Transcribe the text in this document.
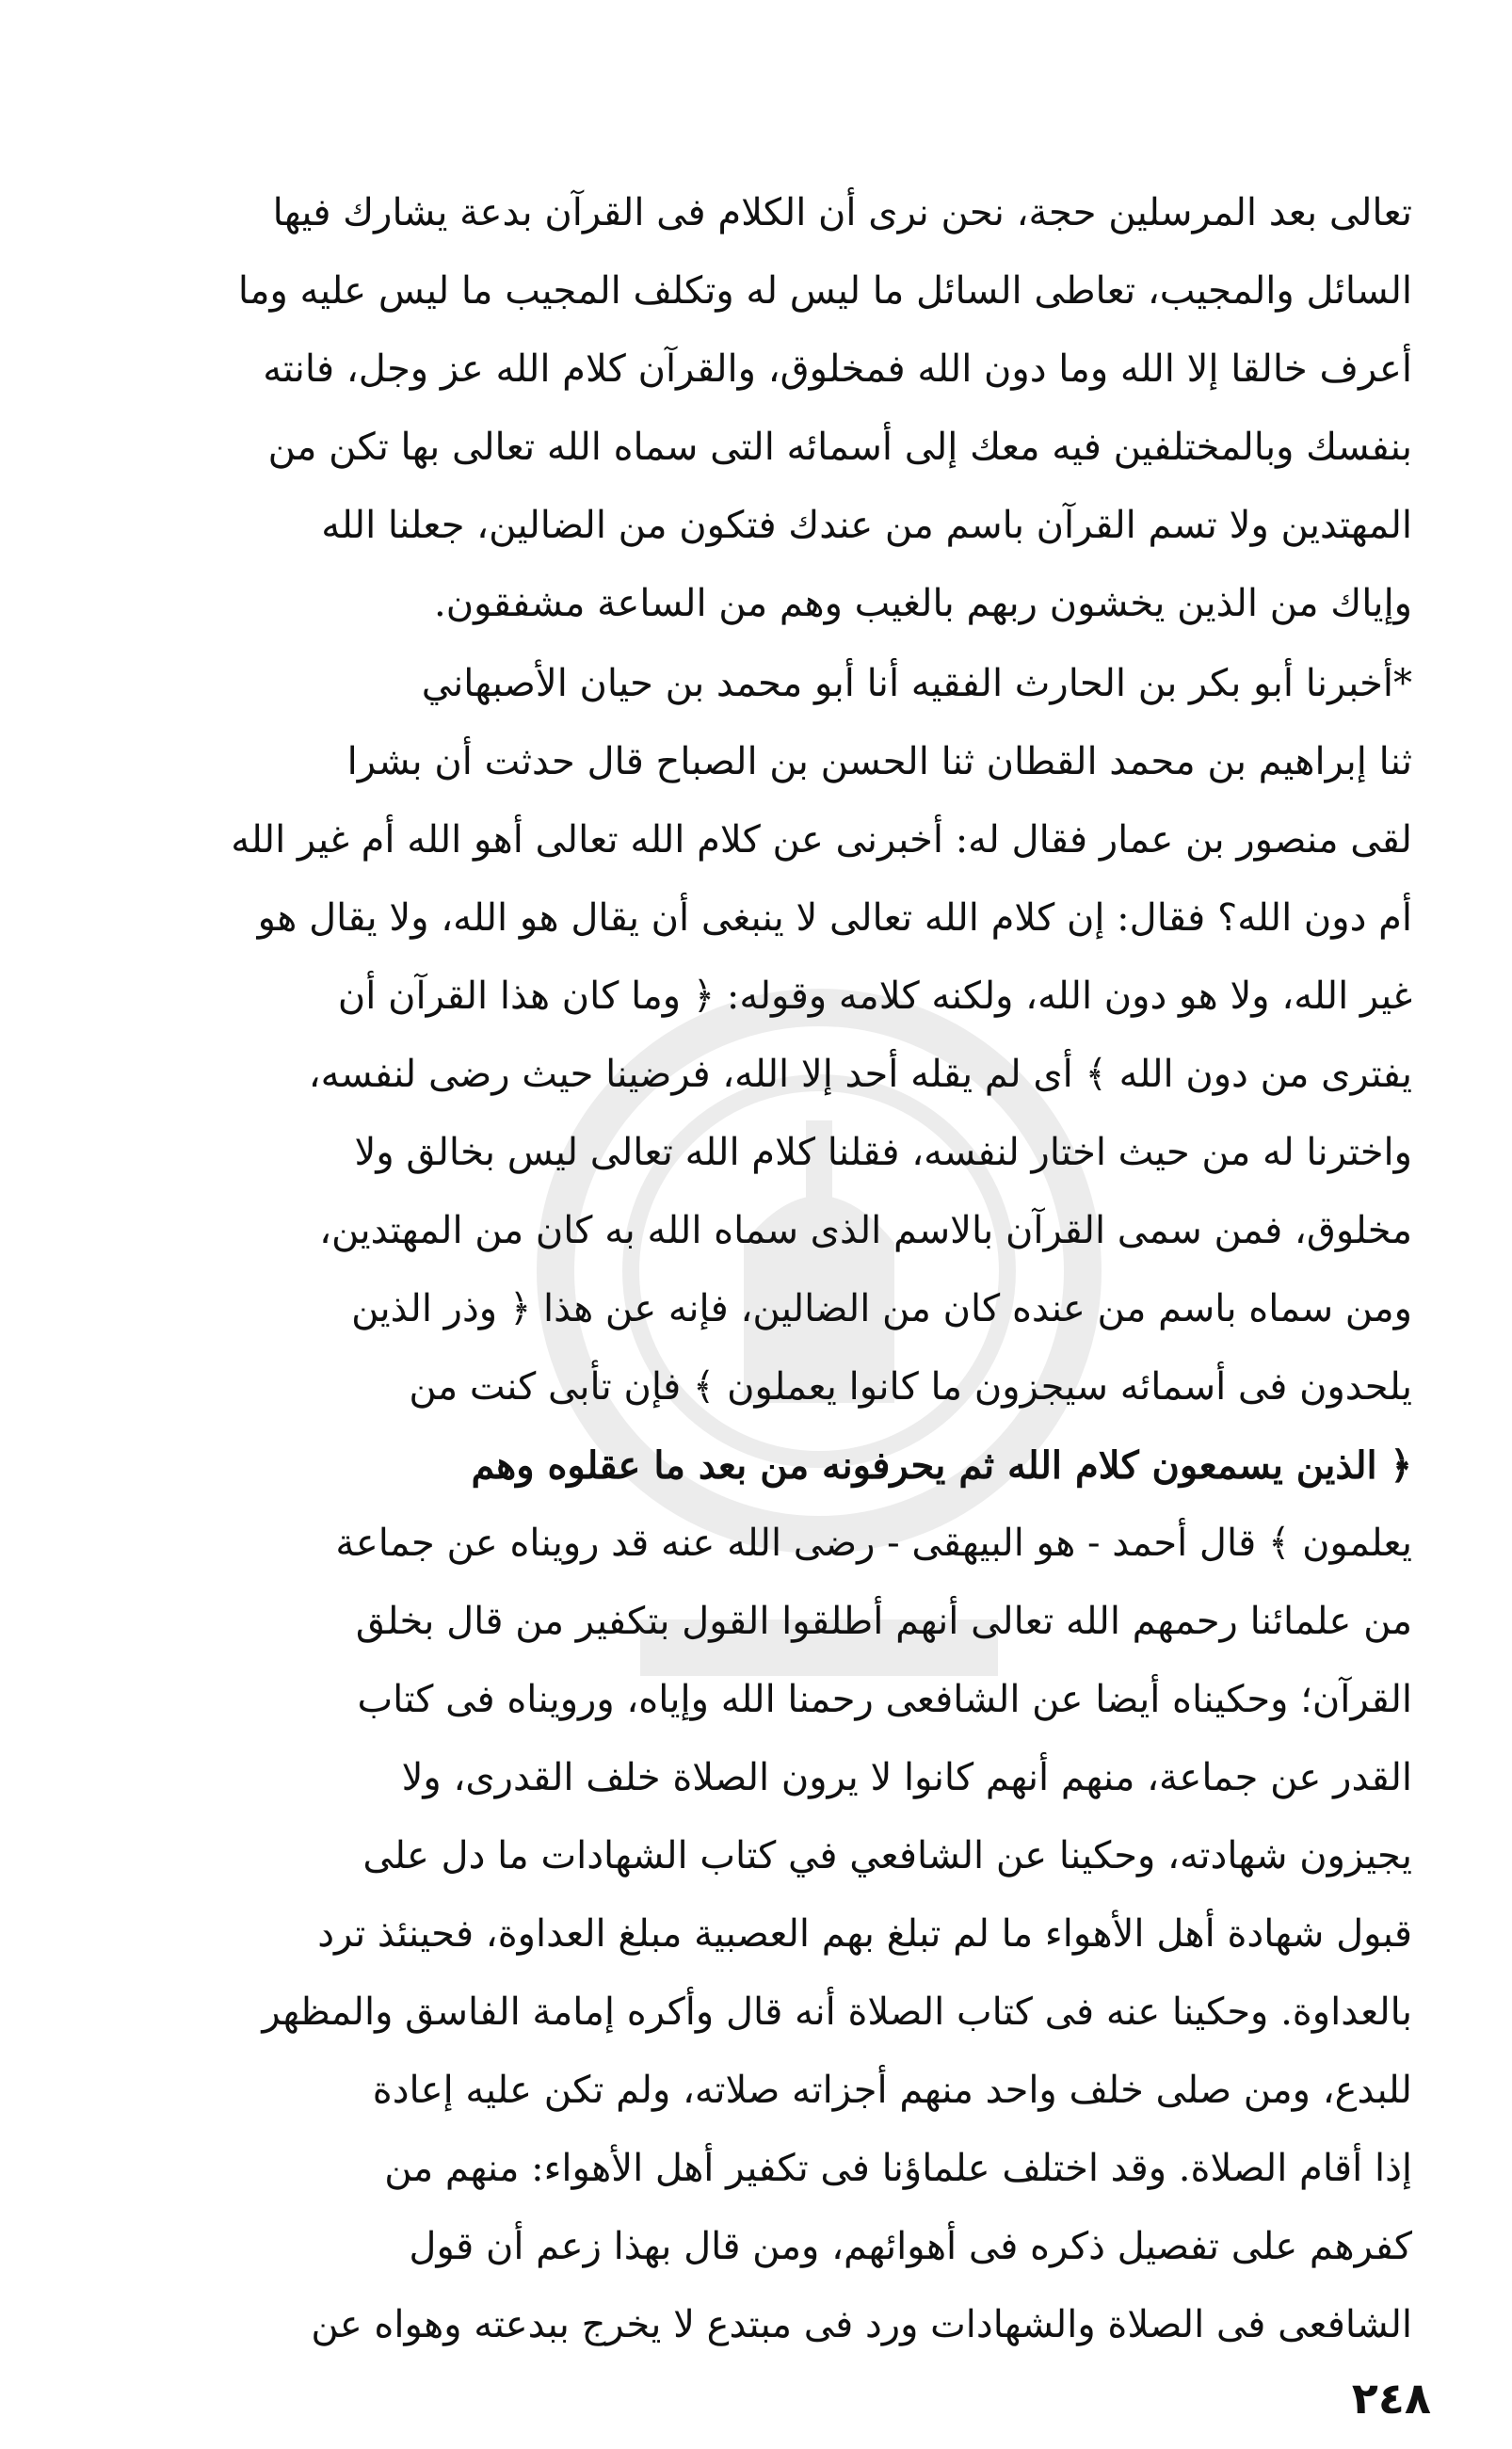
تعالى بعد المرسلين حجة، نحن نرى أن الكلام فى القرآن بدعة يشارك فيها
السائل والمجيب، تعاطى السائل ما ليس له وتكلف المجيب ما ليس عليه وما
أعرف خالقا إلا الله وما دون الله فمخلوق، والقرآن كلام الله عز وجل، فانته
بنفسك وبالمختلفين فيه معك إلى أسمائه التى سماه الله تعالى بها تكن من
المهتدين ولا تسم القرآن باسم من عندك فتكون من الضالين، جعلنا الله
وإياك من الذين يخشون ربهم بالغيب وهم من الساعة مشفقون.
*أخبرنا أبو بكر بن الحارث الفقيه أنا أبو محمد بن حيان الأصبهاني
ثنا إبراهيم بن محمد القطان ثنا الحسن بن الصباح قال حدثت أن بشرا
لقى منصور بن عمار فقال له: أخبرنى عن كلام الله تعالى أهو الله أم غير الله
أم دون الله؟ فقال: إن كلام الله تعالى لا ينبغى أن يقال هو الله، ولا يقال هو
غير الله، ولا هو دون الله، ولكنه كلامه وقوله: ﴿ وما كان هذا القرآن أن
يفترى من دون الله ﴾ أى لم يقله أحد إلا الله، فرضينا حيث رضى لنفسه،
واخترنا له من حيث اختار لنفسه، فقلنا كلام الله تعالى ليس بخالق ولا
مخلوق، فمن سمى القرآن بالاسم الذى سماه الله به كان من المهتدين،
ومن سماه باسم من عنده كان من الضالين، فإنه عن هذا ﴿ وذر الذين
يلحدون فى أسمائه سيجزون ما كانوا يعملون ﴾ فإن تأبى كنت من
﴿ الذين يسمعون كلام الله ثم يحرفونه من بعد ما عقلوه وهم
يعلمون ﴾ قال أحمد - هو البيهقى - رضى الله عنه قد رويناه عن جماعة
من علمائنا رحمهم الله تعالى أنهم أطلقوا القول بتكفير من قال بخلق
القرآن؛ وحكيناه أيضا عن الشافعى رحمنا الله وإياه، ورويناه فى كتاب
القدر عن جماعة، منهم أنهم كانوا لا يرون الصلاة خلف القدرى، ولا
يجيزون شهادته، وحكينا عن الشافعي في كتاب الشهادات ما دل على
قبول شهادة أهل الأهواء ما لم تبلغ بهم العصبية مبلغ العداوة، فحينئذ ترد
بالعداوة. وحكينا عنه فى كتاب الصلاة أنه قال وأكره إمامة الفاسق والمظهر
للبدع، ومن صلى خلف واحد منهم أجزاته صلاته، ولم تكن عليه إعادة
إذا أقام الصلاة. وقد اختلف علماؤنا فى تكفير أهل الأهواء: منهم من
كفرهم على تفصيل ذكره فى أهوائهم، ومن قال بهذا زعم أن قول
الشافعى فى الصلاة والشهادات ورد فى مبتدع لا يخرج ببدعته وهواه عن
٢٤٨
